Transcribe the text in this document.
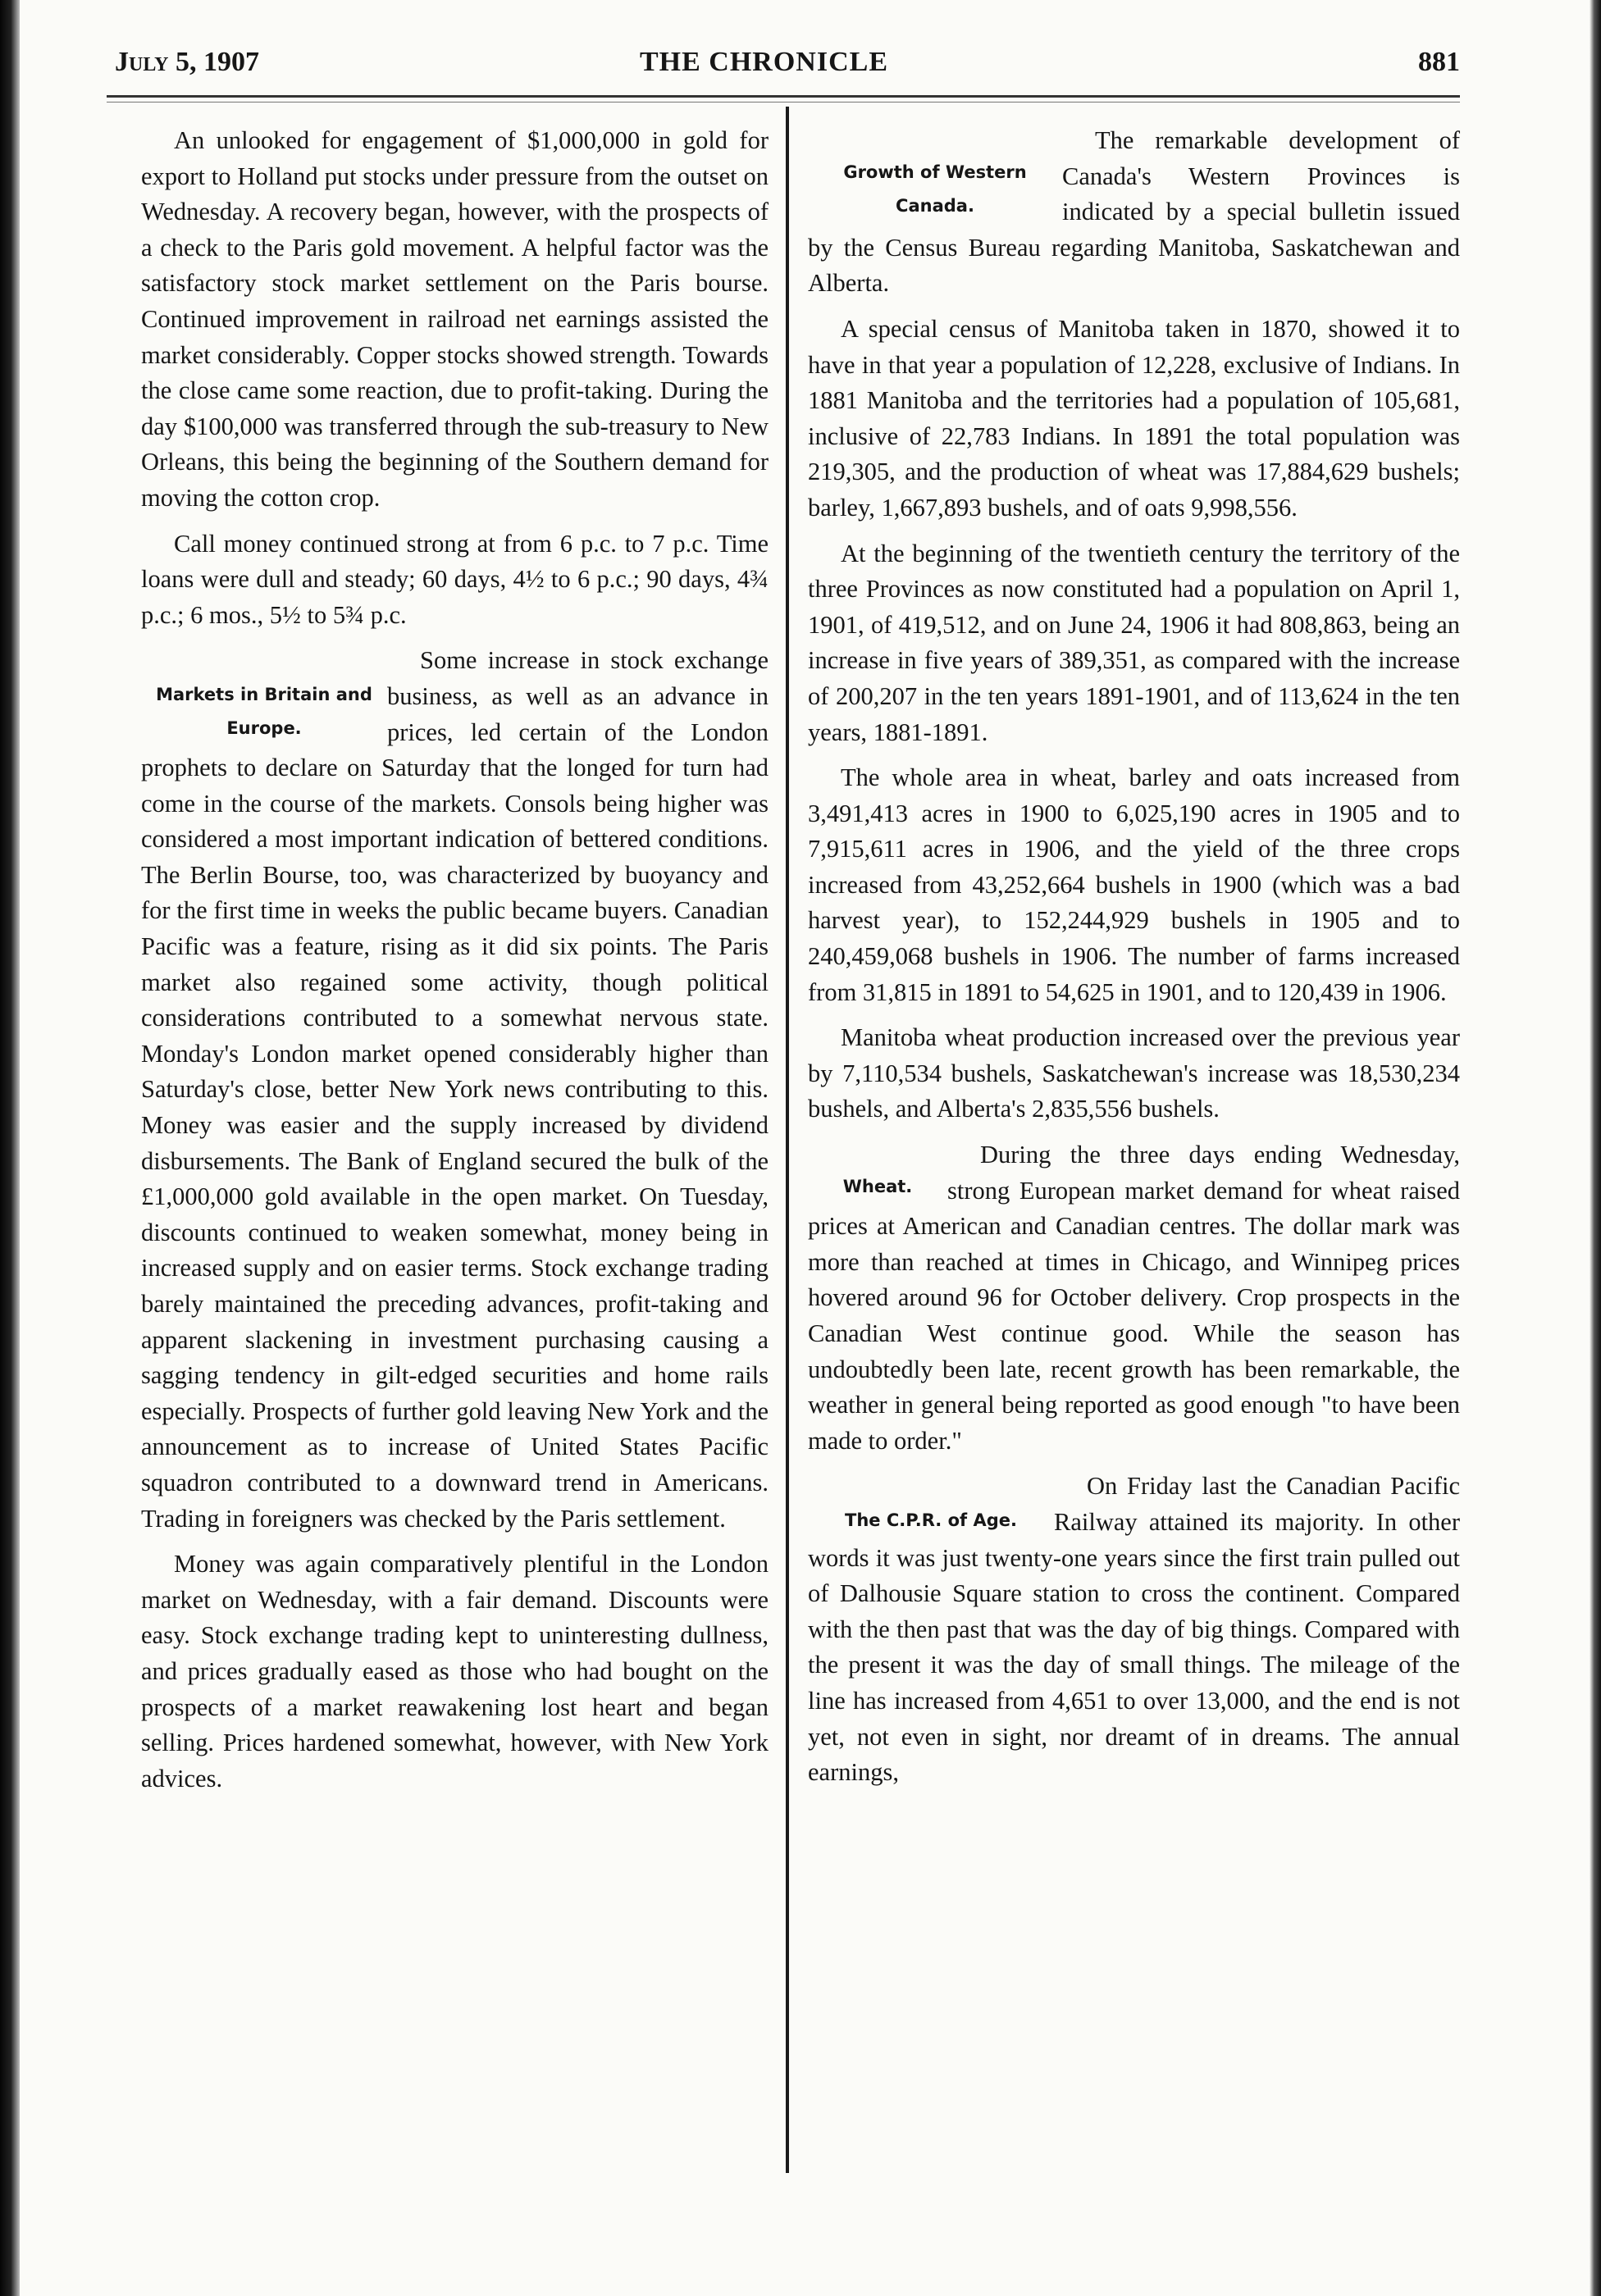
July 5, 1907	THE CHRONICLE	881

An unlooked for engagement of $1,000,000 in gold for export to Holland put stocks under pressure from the outset on Wednesday. A recovery began, however, with the prospects of a check to the Paris gold movement. A helpful factor was the satisfactory stock market settlement on the Paris bourse. Continued improvement in railroad net earnings assisted the market considerably. Copper stocks showed strength. Towards the close came some reaction, due to profit-taking. During the day $100,000 was transferred through the sub-treasury to New Orleans, this being the beginning of the Southern demand for moving the cotton crop.

Call money continued strong at from 6 p.c. to 7 p.c. Time loans were dull and steady; 60 days, 4½ to 6 p.c.; 90 days, 4¾ p.c.; 6 mos., 5½ to 5¾ p.c.

Markets in Britain and Europe.

Some increase in stock exchange business, as well as an advance in prices, led certain of the London prophets to declare on Saturday that the longed for turn had come in the course of the markets. Consols being higher was considered a most important indication of bettered conditions. The Berlin Bourse, too, was characterized by buoyancy and for the first time in weeks the public became buyers. Canadian Pacific was a feature, rising as it did six points. The Paris market also regained some activity, though political considerations contributed to a somewhat nervous state. Monday's London market opened considerably higher than Saturday's close, better New York news contributing to this. Money was easier and the supply increased by dividend disbursements. The Bank of England secured the bulk of the £1,000,000 gold available in the open market. On Tuesday, discounts continued to weaken somewhat, money being in increased supply and on easier terms. Stock exchange trading barely maintained the preceding advances, profit-taking and apparent slackening in investment purchasing causing a sagging tendency in gilt-edged securities and home rails especially. Prospects of further gold leaving New York and the announcement as to increase of United States Pacific squadron contributed to a downward trend in Americans. Trading in foreigners was checked by the Paris settlement.

Money was again comparatively plentiful in the London market on Wednesday, with a fair demand. Discounts were easy. Stock exchange trading kept to uninteresting dullness, and prices gradually eased as those who had bought on the prospects of a market reawakening lost heart and began selling. Prices hardened somewhat, however, with New York advices.

Growth of Western Canada.

The remarkable development of Canada's Western Provinces is indicated by a special bulletin issued by the Census Bureau regarding Manitoba, Saskatchewan and Alberta.

A special census of Manitoba taken in 1870, showed it to have in that year a population of 12,228, exclusive of Indians. In 1881 Manitoba and the territories had a population of 105,681, inclusive of 22,783 Indians. In 1891 the total population was 219,305, and the production of wheat was 17,884,629 bushels; barley, 1,667,893 bushels, and of oats 9,998,556.

At the beginning of the twentieth century the territory of the three Provinces as now constituted had a population on April 1, 1901, of 419,512, and on June 24, 1906 it had 808,863, being an increase in five years of 389,351, as compared with the increase of 200,207 in the ten years 1891-1901, and of 113,624 in the ten years, 1881-1891.

The whole area in wheat, barley and oats increased from 3,491,413 acres in 1900 to 6,025,190 acres in 1905 and to 7,915,611 acres in 1906, and the yield of the three crops increased from 43,252,664 bushels in 1900 (which was a bad harvest year), to 152,244,929 bushels in 1905 and to 240,459,068 bushels in 1906. The number of farms increased from 31,815 in 1891 to 54,625 in 1901, and to 120,439 in 1906.

Manitoba wheat production increased over the previous year by 7,110,534 bushels, Saskatchewan's increase was 18,530,234 bushels, and Alberta's 2,835,556 bushels.

Wheat.

During the three days ending Wednesday, strong European market demand for wheat raised prices at American and Canadian centres. The dollar mark was more than reached at times in Chicago, and Winnipeg prices hovered around 96 for October delivery. Crop prospects in the Canadian West continue good. While the season has undoubtedly been late, recent growth has been remarkable, the weather in general being reported as good enough "to have been made to order."

The C.P.R. of Age.

On Friday last the Canadian Pacific Railway attained its majority. In other words it was just twenty-one years since the first train pulled out of Dalhousie Square station to cross the continent. Compared with the then past that was the day of big things. Compared with the present it was the day of small things. The mileage of the line has increased from 4,651 to over 13,000, and the end is not yet, not even in sight, nor dreamt of in dreams. The annual earnings,
